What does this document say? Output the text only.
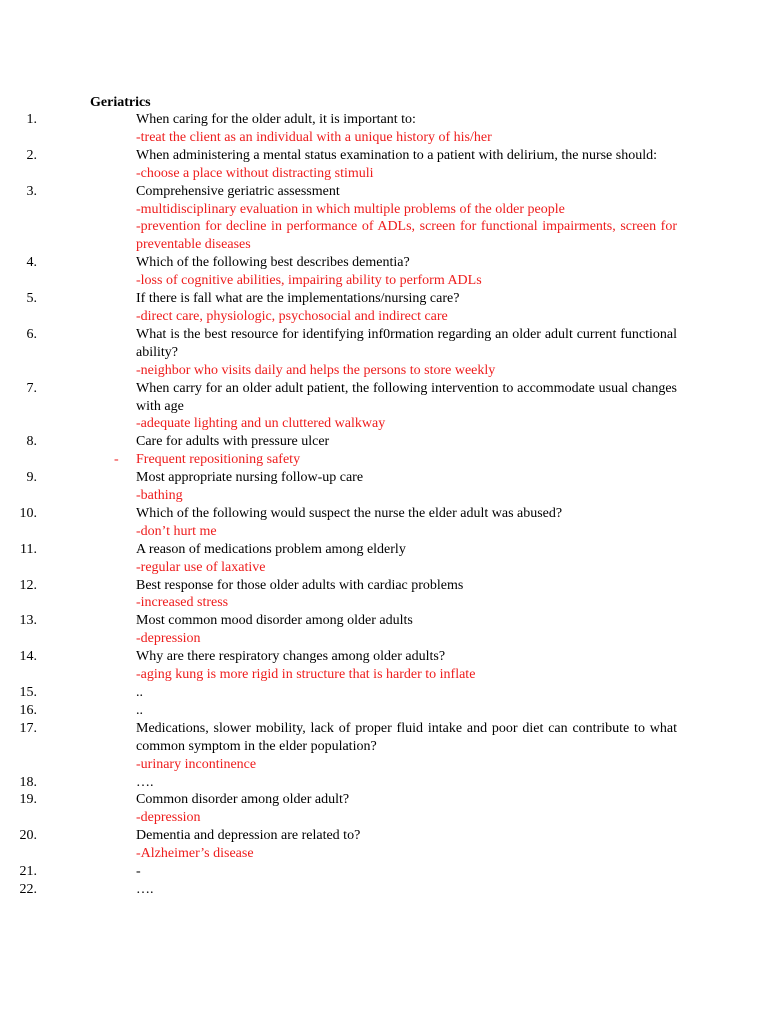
Geriatrics
1.	When caring for the older adult, it is important to:
-treat the client as an individual with a unique history of his/her
2.	When administering a mental status examination to a patient with delirium, the nurse should:
-choose a place without distracting stimuli
3.	Comprehensive geriatric assessment
-multidisciplinary evaluation in which multiple problems of the older people
-prevention for decline in performance of ADLs, screen for functional impairments, screen for preventable diseases
4.	Which of the following best describes dementia?
-loss of cognitive abilities, impairing ability to perform ADLs
5.	If there is fall what are the implementations/nursing care?
-direct care, physiologic, psychosocial and indirect care
6.	What is the best resource for identifying inf0rmation regarding an older adult current functional ability?
-neighbor who visits daily and helps the persons to store weekly
7.	When carry for an older adult patient, the following intervention to accommodate usual changes with age
-adequate lighting and un cluttered walkway
8.	Care for adults with pressure ulcer
- Frequent repositioning safety
9.	Most appropriate nursing follow-up care
-bathing
10.	Which of the following would suspect the nurse the elder adult was abused?
-don’t hurt me
11.	A reason of medications problem among elderly
-regular use of laxative
12.	Best response for those older adults with cardiac problems
-increased stress
13.	Most common mood disorder among older adults
-depression
14.	Why are there respiratory changes among older adults?
-aging kung is more rigid in structure that is harder to inflate
15.	..
16.	..
17.	Medications, slower mobility, lack of proper fluid intake and poor diet can contribute to what common symptom in the elder population?
-urinary incontinence
18.	….
19.	Common disorder among older adult?
-depression
20.	Dementia and depression are related to?
-Alzheimer’s disease
21.	-
22.	….
